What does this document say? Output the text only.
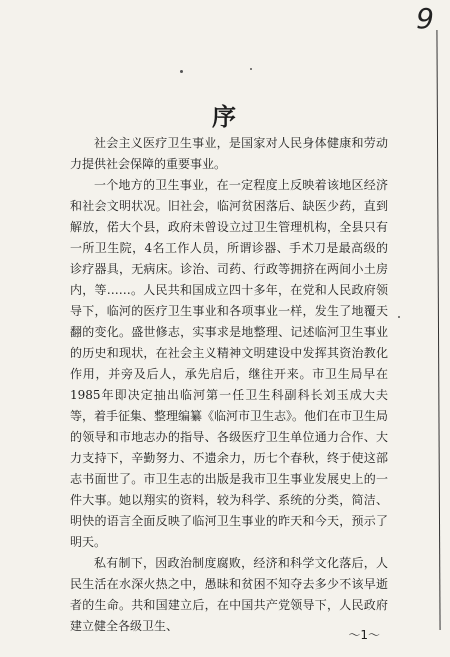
9
序

社会主义医疗卫生事业，是国家对人民身体健康和劳动力提供社会保障的重要事业。

一个地方的卫生事业，在一定程度上反映着该地区经济和社会文明状况。旧社会，临河贫困落后、缺医少药，直到解放，偌大个县，政府未曾设立过卫生管理机构，全县只有一所卫生院，4名工作人员，所谓诊器、手术刀是最高级的诊疗器具，无病床。诊治、司药、行政等拥挤在两间小土房内，等……。人民共和国成立四十多年，在党和人民政府领导下，临河的医疗卫生事业和各项事业一样，发生了地覆天翻的变化。盛世修志，实事求是地整理、记述临河卫生事业的历史和现状，在社会主义精神文明建设中发挥其资治教化作用，并旁及后人，承先启后，继往开来。市卫生局早在1985年即决定抽出临河第一任卫生科副科长刘玉成大夫等，着手征集、整理编纂《临河市卫生志》。他们在市卫生局的领导和市地志办的指导、各级医疗卫生单位通力合作、大力支持下，辛勤努力、不遗余力，历七个春秋，终于使这部志书面世了。市卫生志的出版是我市卫生事业发展史上的一件大事。她以翔实的资料，较为科学、系统的分类，简洁、明快的语言全面反映了临河卫生事业的昨天和今天，预示了明天。

私有制下，因政治制度腐败，经济和科学文化落后，人民生活在水深火热之中，愚昧和贫困不知夺去多少不该早逝者的生命。共和国建立后，在中国共产党领导下，人民政府建立健全各级卫生、

～1～
